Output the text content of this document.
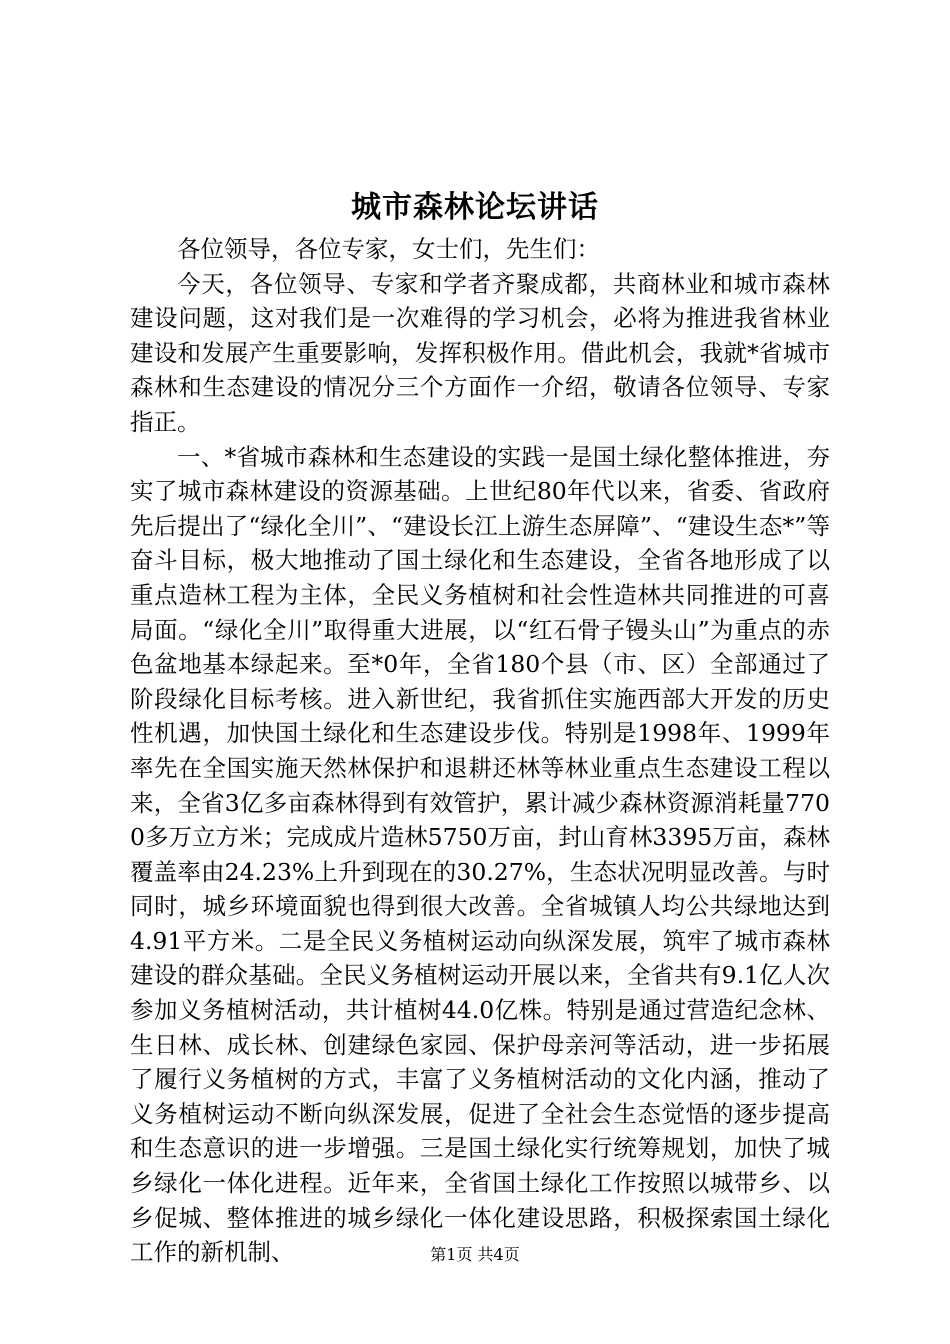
城市森林论坛讲话

各位领导，各位专家，女士们，先生们：

今天，各位领导、专家和学者齐聚成都，共商林业和城市森林建设问题，这对我们是一次难得的学习机会，必将为推进我省林业建设和发展产生重要影响，发挥积极作用。借此机会，我就*省城市森林和生态建设的情况分三个方面作一介绍，敬请各位领导、专家指正。

一、*省城市森林和生态建设的实践一是国土绿化整体推进，夯实了城市森林建设的资源基础。上世纪80年代以来，省委、省政府先后提出了“绿化全川”、“建设长江上游生态屏障”、“建设生态*”等奋斗目标，极大地推动了国土绿化和生态建设，全省各地形成了以重点造林工程为主体，全民义务植树和社会性造林共同推进的可喜局面。“绿化全川”取得重大进展，以“红石骨子镘头山”为重点的赤色盆地基本绿起来。至*0年，全省180个县（市、区）全部通过了阶段绿化目标考核。进入新世纪，我省抓住实施西部大开发的历史性机遇，加快国土绿化和生态建设步伐。特别是1998年、1999年率先在全国实施天然林保护和退耕还林等林业重点生态建设工程以来，全省3亿多亩森林得到有效管护，累计减少森林资源消耗量7700多万立方米；完成成片造林5750万亩，封山育林3395万亩，森林覆盖率由24.23%上升到现在的30.27%，生态状况明显改善。与时同时，城乡环境面貌也得到很大改善。全省城镇人均公共绿地达到4.91平方米。二是全民义务植树运动向纵深发展，筑牢了城市森林建设的群众基础。全民义务植树运动开展以来，全省共有9.1亿人次参加义务植树活动，共计植树44.0亿株。特别是通过营造纪念林、生日林、成长林、创建绿色家园、保护母亲河等活动，进一步拓展了履行义务植树的方式，丰富了义务植树活动的文化内涵，推动了义务植树运动不断向纵深发展，促进了全社会生态觉悟的逐步提高和生态意识的进一步增强。三是国土绿化实行统筹规划，加快了城乡绿化一体化进程。近年来，全省国土绿化工作按照以城带乡、以乡促城、整体推进的城乡绿化一体化建设思路，积极探索国土绿化工作的新机制、	第1页 共4页
